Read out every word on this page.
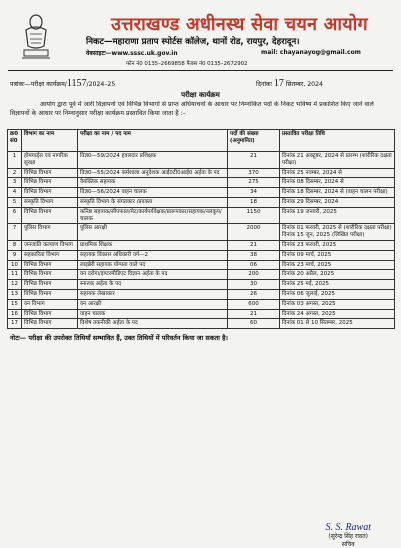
उत्तराखण्ड अधीनस्थ सेवा चयन आयोग
निकट—महाराणा प्रताप स्पोर्टस कॉलेज, थानों रोड, रायपुर, देहरादून।
वेबसाइटः—www.sssc.uk.gov.in	mail: chayanayog@gmail.com
फोन नं0 0135–2669858 फैक्स नं0 0135–2672902
पत्रांकः—परीक्षा कार्यक्रम/1157/2024–25	दिनांकः 17 सितम्बर, 2024
परीक्षा कार्यक्रम
आयोग द्वारा पूर्व में जारी विज्ञापनों एवं विभिन्न विभागों से प्राप्त अधियाचनों के आधार पर निम्नांकित पदों के निकट भविष्य में प्रकाशित किए जाने वाले विज्ञापनों के आधार पर निम्नानुसार परीक्षा कार्यक्रम प्रस्तावित किया जाता है :–
क्र0 सं0	विभाग का नाम	परीक्षा का नाम / पद नाम	पदों की संख्या (अनुमानित)	प्रस्तावित परीक्षा तिथि
1	होमगार्ड्स एवं नागरिक सुरक्षा	विज्ञ0—59/2024 हवलदार प्रशिक्षक	21	दिनांक 21 अक्टूबर, 2024 से प्रारम्भ (शारीरिक दक्षता परीक्षा)
2	विभिन्न विभाग	विज्ञ0—55/2024 कर्मशाला अनुदेशक आई0टी0आई0 अर्हता के पद	370	दिनांक 25 नवम्बर, 2024 से
3	विभिन्न विभाग	वैयक्तिक सहायक	275	दिनांक 08 दिसम्बर, 2024 से
4	विभिन्न विभाग	विज्ञ0—56/2024 वाहन चालक	34	दिनांक 18 दिसम्बर, 2024 से (वाहन चालन परीक्षा)
5	संस्कृति विभाग	संस्कृति विभाग के संगतकार /प्रवक्ता	18	दिनांक 29 दिसम्बर, 2024
6	विभिन्न विभाग	कनिष्ठ सहायक/सीपफाल/मेट/कार्यपर्यवेक्षक/प्रारूपकार/सहायक/नलकूप/चालक	1150	दिनांक 19 जनवरी, 2025
7	पुलिस विभाग	पुलिस आरक्षी	2000	दिनांक 01 फरवरी, 2025 से (शारीरिक दक्षता परीक्षा) दिनांक 15 जून, 2025 (लिखित परीक्षा)
8	जनजाति कल्याण विभाग	प्राथमिक शिक्षक	21	दिनांक 23 फरवरी, 2025
9	सहकारिता विभाग	सहायक विकास अधिकारी वर्ग—2	38	दिनांक 09 मार्च, 2025
10	विभिन्न विभाग	लाइब्रेरी सहायक योग्यता वाले पद	06	दिनांक 23 मार्च, 2025
11	विभिन्न विभाग	वन दरोगा/इण्टरमीडिएट विज्ञान अर्हता के पद	200	दिनांक 20 अप्रैल, 2025
12	विभिन्न विभाग	स्नातक अर्हता के पद	30	दिनांक 25 मई, 2025
13	विभिन्न विभाग	सहायक लेखाकार	26	दिनांक 06 जुलाई, 2025
15	वन विभाग	वन आरक्षी	600	दिनांक 03 अगस्त, 2025
16	विभिन्न विभाग	वाहन चालक	21	दिनांक 24 अगस्त, 2025
17	विभिन्न विभाग	विशेष तकनीकी अर्हता के पद	60	दिनांक 01 से 10 सितम्बर, 2025
नोटः— परीक्षा की उपरोक्त तिथियाँ सम्भावित हैं, उक्त तिथियों में परिवर्तन किया जा सकता है।
S. S. Rawat
(सुरेन्द्र सिंह रावत)
सचिव
